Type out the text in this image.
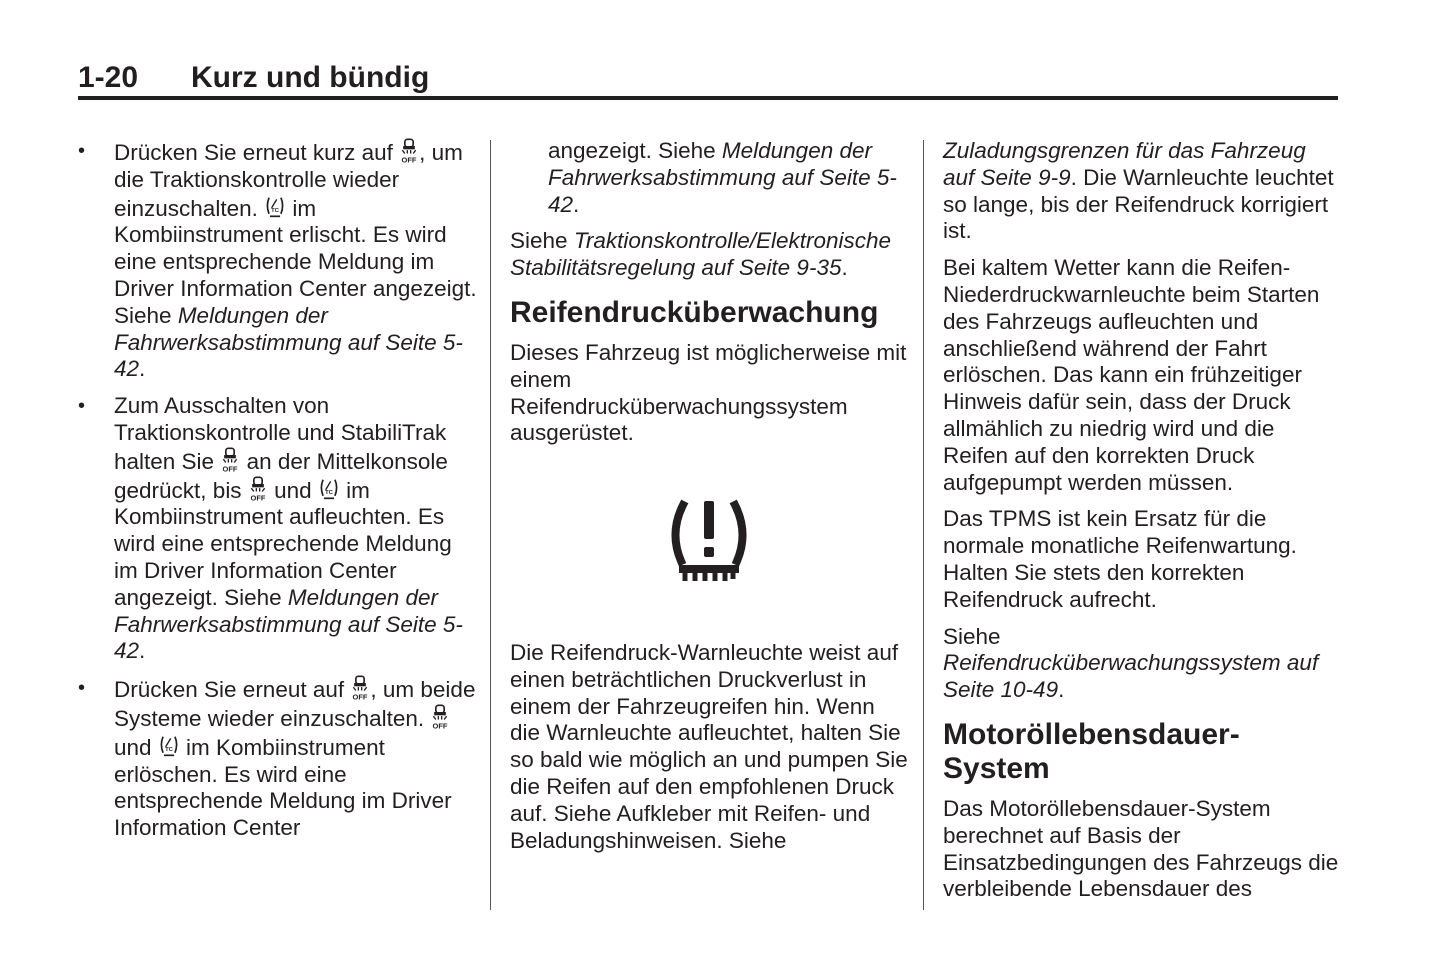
1-20 Kurz und bündig
• Drücken Sie erneut kurz auf , um die Traktionskontrolle wieder einzuschalten.  im Kombiinstrument erlischt. Es wird eine entsprechende Meldung im Driver Information Center angezeigt. Siehe Meldungen der Fahrwerksabstimmung auf Seite 5-42.
• Zum Ausschalten von Traktionskontrolle und StabiliTrak halten Sie  an der Mittelkonsole gedrückt, bis  und  im Kombiinstrument aufleuchten. Es wird eine entsprechende Meldung im Driver Information Center angezeigt. Siehe Meldungen der Fahrwerksabstimmung auf Seite 5-42.
• Drücken Sie erneut auf , um beide Systeme wieder einzuschalten.  und  im Kombiinstrument erlöschen. Es wird eine entsprechende Meldung im Driver Information Center

angezeigt. Siehe Meldungen der Fahrwerksabstimmung auf Seite 5-42.

Siehe Traktionskontrolle/Elektronische Stabilitätsregelung auf Seite 9-35.

Reifendrucküberwachung

Dieses Fahrzeug ist möglicherweise mit einem Reifendrucküberwachungssystem ausgerüstet.

Die Reifendruck-Warnleuchte weist auf einen beträchtlichen Druckverlust in einem der Fahrzeugreifen hin. Wenn die Warnleuchte aufleuchtet, halten Sie so bald wie möglich an und pumpen Sie die Reifen auf den empfohlenen Druck auf. Siehe Aufkleber mit Reifen- und Beladungshinweisen. Siehe

Zuladungsgrenzen für das Fahrzeug auf Seite 9-9. Die Warnleuchte leuchtet so lange, bis der Reifendruck korrigiert ist.

Bei kaltem Wetter kann die Reifen-Niederdruckwarnleuchte beim Starten des Fahrzeugs aufleuchten und anschließend während der Fahrt erlöschen. Das kann ein frühzeitiger Hinweis dafür sein, dass der Druck allmählich zu niedrig wird und die Reifen auf den korrekten Druck aufgepumpt werden müssen.

Das TPMS ist kein Ersatz für die normale monatliche Reifenwartung. Halten Sie stets den korrekten Reifendruck aufrecht.

Siehe Reifendrucküberwachungssystem auf Seite 10-49.

Motoröllebensdauer-System

Das Motoröllebensdauer-System berechnet auf Basis der Einsatzbedingungen des Fahrzeugs die verbleibende Lebensdauer des
